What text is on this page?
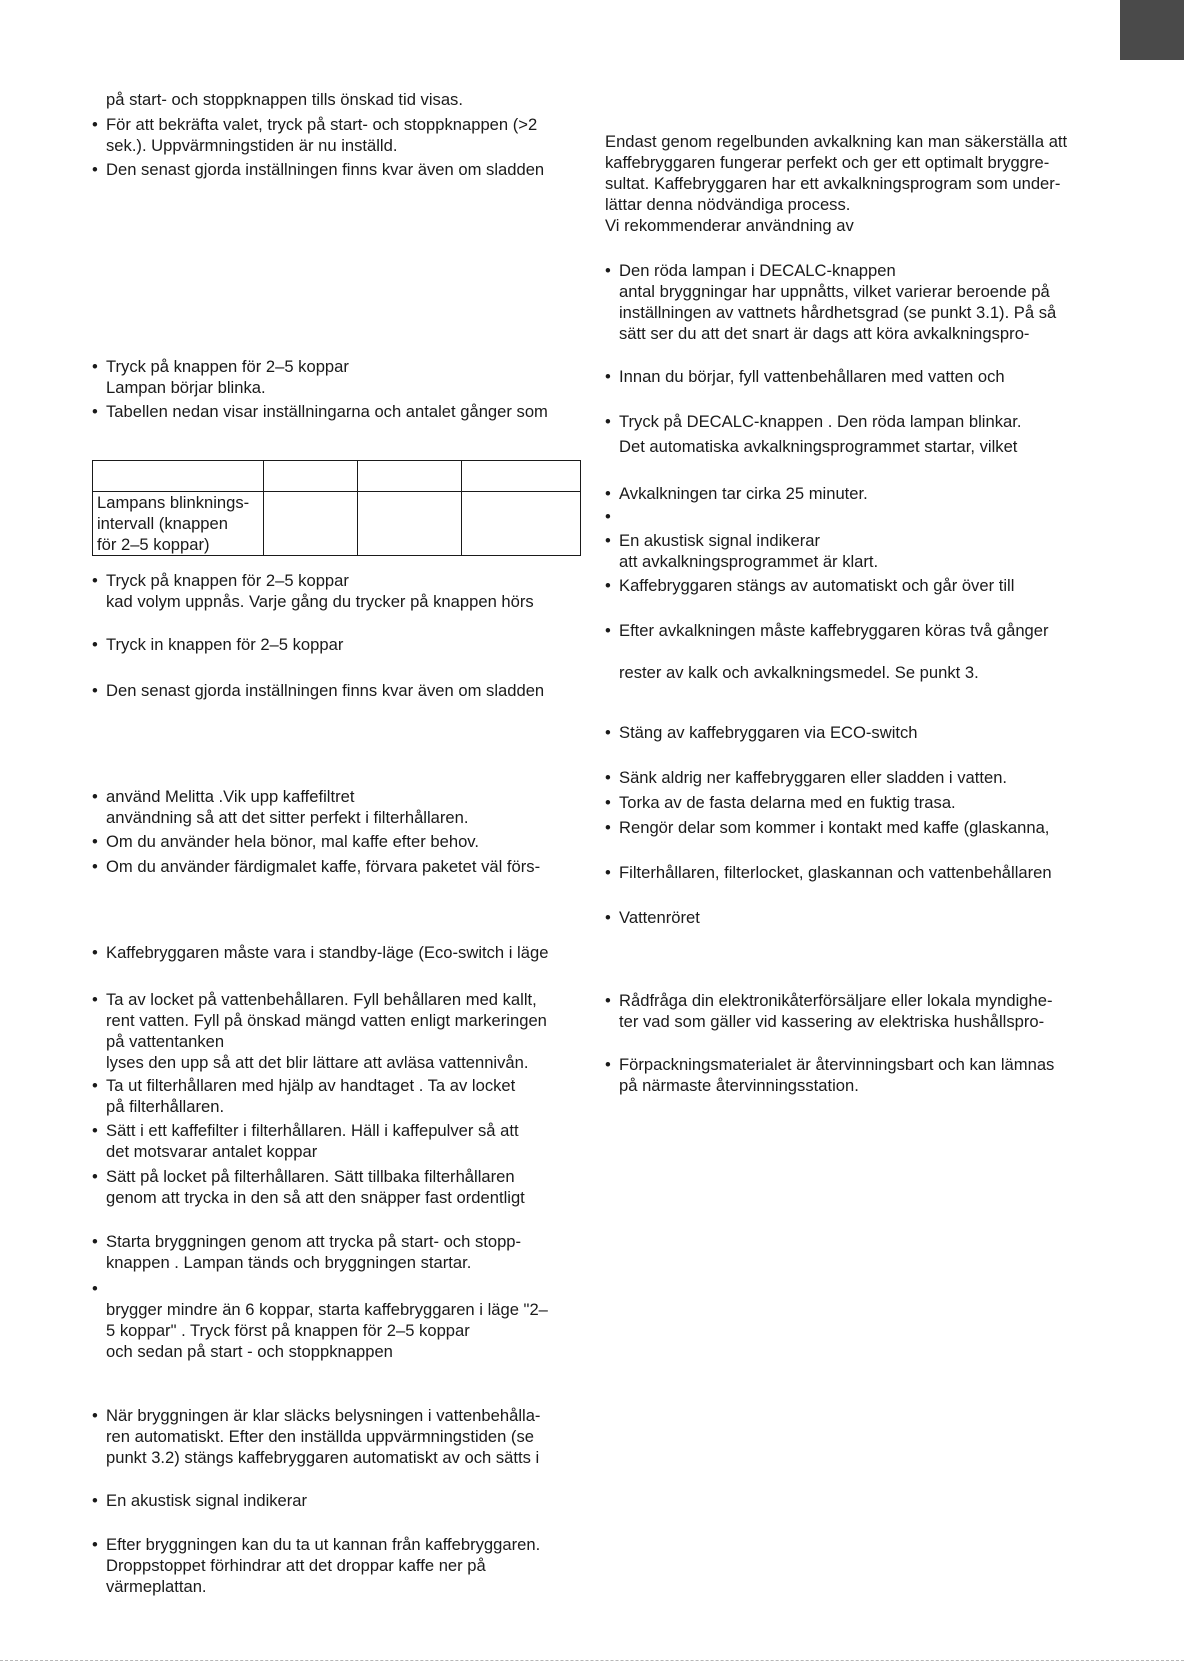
på start- och stoppknappen tills önskad tid visas.
• För att bekräfta valet, tryck på start- och stoppknappen (>2
sek.). Uppvärmningstiden är nu inställd.
• Den senast gjorda inställningen finns kvar även om sladden
• Tryck på knappen för 2–5 koppar
Lampan börjar blinka.
• Tabellen nedan visar inställningarna och antalet gånger som
• Tryck på knappen för 2–5 koppar
kad volym uppnås. Varje gång du trycker på knappen hörs
• Tryck in knappen för 2–5 koppar
• Den senast gjorda inställningen finns kvar även om sladden
• använd Melitta .Vik upp kaffefiltret
användning så att det sitter perfekt i filterhållaren.
• Om du använder hela bönor, mal kaffe efter behov.
• Om du använder färdigmalet kaffe, förvara paketet väl förs-
• Kaffebryggaren måste vara i standby-läge (Eco-switch i läge
• Ta av locket på vattenbehållaren. Fyll behållaren med kallt,
rent vatten. Fyll på önskad mängd vatten enligt markeringen
på vattentanken
lyses den upp så att det blir lättare att avläsa vattennivån.
• Ta ut filterhållaren med hjälp av handtaget . Ta av locket
på filterhållaren.
• Sätt i ett kaffefilter i filterhållaren. Häll i kaffepulver så att
det motsvarar antalet koppar
• Sätt på locket på filterhållaren. Sätt tillbaka filterhållaren
genom att trycka in den så att den snäpper fast ordentligt
• Starta bryggningen genom att trycka på start- och stopp-
knappen . Lampan tänds och bryggningen startar.
•

brygger mindre än 6 koppar, starta kaffebryggaren i läge "2–
5 koppar" . Tryck först på knappen för 2–5 koppar
och sedan på start - och stoppknappen
• När bryggningen är klar släcks belysningen i vattenbehålla-
ren automatiskt. Efter den inställda uppvärmningstiden (se
punkt 3.2) stängs kaffebryggaren automatiskt av och sätts i
• En akustisk signal indikerar
• Efter bryggningen kan du ta ut kannan från kaffebryggaren.
Droppstoppet förhindrar att det droppar kaffe ner på
värmeplattan.

Lampans blinknings-
intervall (knappen
för 2–5 koppar)			

Endast genom regelbunden avkalkning kan man säkerställa att
kaffebryggaren fungerar perfekt och ger ett optimalt bryggre-
sultat. Kaffebryggaren har ett avkalkningsprogram som under-
lättar denna nödvändiga process.
Vi rekommenderar användning av
• Den röda lampan i DECALC-knappen
antal bryggningar har uppnåtts, vilket varierar beroende på
inställningen av vattnets hårdhetsgrad (se punkt 3.1). På så
sätt ser du att det snart är dags att köra avkalkningspro-
• Innan du börjar, fyll vattenbehållaren med vatten och
• Tryck på DECALC-knappen . Den röda lampan blinkar.

Det automatiska avkalkningsprogrammet startar, vilket
• Avkalkningen tar cirka 25 minuter.
•

• En akustisk signal indikerar
att avkalkningsprogrammet är klart.
• Kaffebryggaren stängs av automatiskt och går över till
• Efter avkalkningen måste kaffebryggaren köras två gånger

rester av kalk och avkalkningsmedel. Se punkt 3.
• Stäng av kaffebryggaren via ECO-switch
• Sänk aldrig ner kaffebryggaren eller sladden i vatten.
• Torka av de fasta delarna med en fuktig trasa.
• Rengör delar som kommer i kontakt med kaffe (glaskanna,
• Filterhållaren, filterlocket, glaskannan och vattenbehållaren
• Vattenröret
• Rådfråga din elektronikåterförsäljare eller lokala myndighe-
ter vad som gäller vid kassering av elektriska hushållspro-
• Förpackningsmaterialet är återvinningsbart och kan lämnas
på närmaste återvinningsstation.
